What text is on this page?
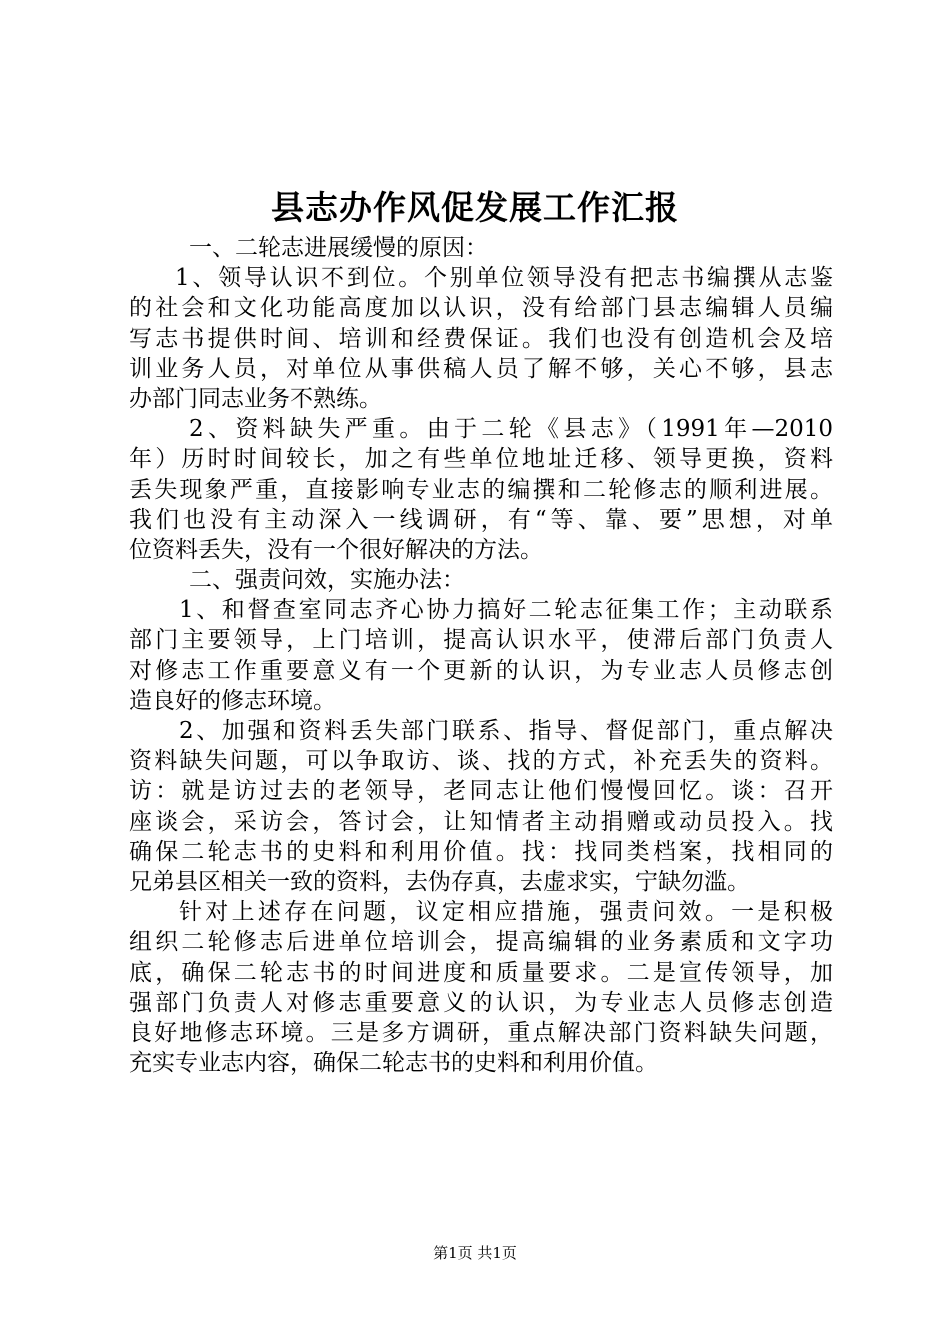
县志办作风促发展工作汇报
一、二轮志进展缓慢的原因：
1、领导认识不到位。个别单位领导没有把志书编撰从志鉴
的社会和文化功能高度加以认识，没有给部门县志编辑人员编
写志书提供时间、培训和经费保证。我们也没有创造机会及培
训业务人员，对单位从事供稿人员了解不够，关心不够，县志
办部门同志业务不熟练。
2、资料缺失严重。由于二轮《县志》（1991年—2010
年）历时时间较长，加之有些单位地址迁移、领导更换，资料
丢失现象严重，直接影响专业志的编撰和二轮修志的顺利进展。
我们也没有主动深入一线调研，有“等、靠、要”思想，对单
位资料丢失，没有一个很好解决的方法。
二、强责问效，实施办法：
1、和督查室同志齐心协力搞好二轮志征集工作；主动联系
部门主要领导，上门培训，提高认识水平，使滞后部门负责人
对修志工作重要意义有一个更新的认识，为专业志人员修志创
造良好的修志环境。
2、加强和资料丢失部门联系、指导、督促部门，重点解决
资料缺失问题，可以争取访、谈、找的方式，补充丢失的资料。
访：就是访过去的老领导，老同志让他们慢慢回忆。谈：召开
座谈会，采访会，答讨会，让知情者主动捐赠或动员投入。找
确保二轮志书的史料和利用价值。找：找同类档案，找相同的
兄弟县区相关一致的资料，去伪存真，去虚求实，宁缺勿滥。
针对上述存在问题，议定相应措施，强责问效。一是积极
组织二轮修志后进单位培训会，提高编辑的业务素质和文字功
底，确保二轮志书的时间进度和质量要求。二是宣传领导，加
强部门负责人对修志重要意义的认识，为专业志人员修志创造
良好地修志环境。三是多方调研，重点解决部门资料缺失问题，
充实专业志内容，确保二轮志书的史料和利用价值。
第1页 共1页
